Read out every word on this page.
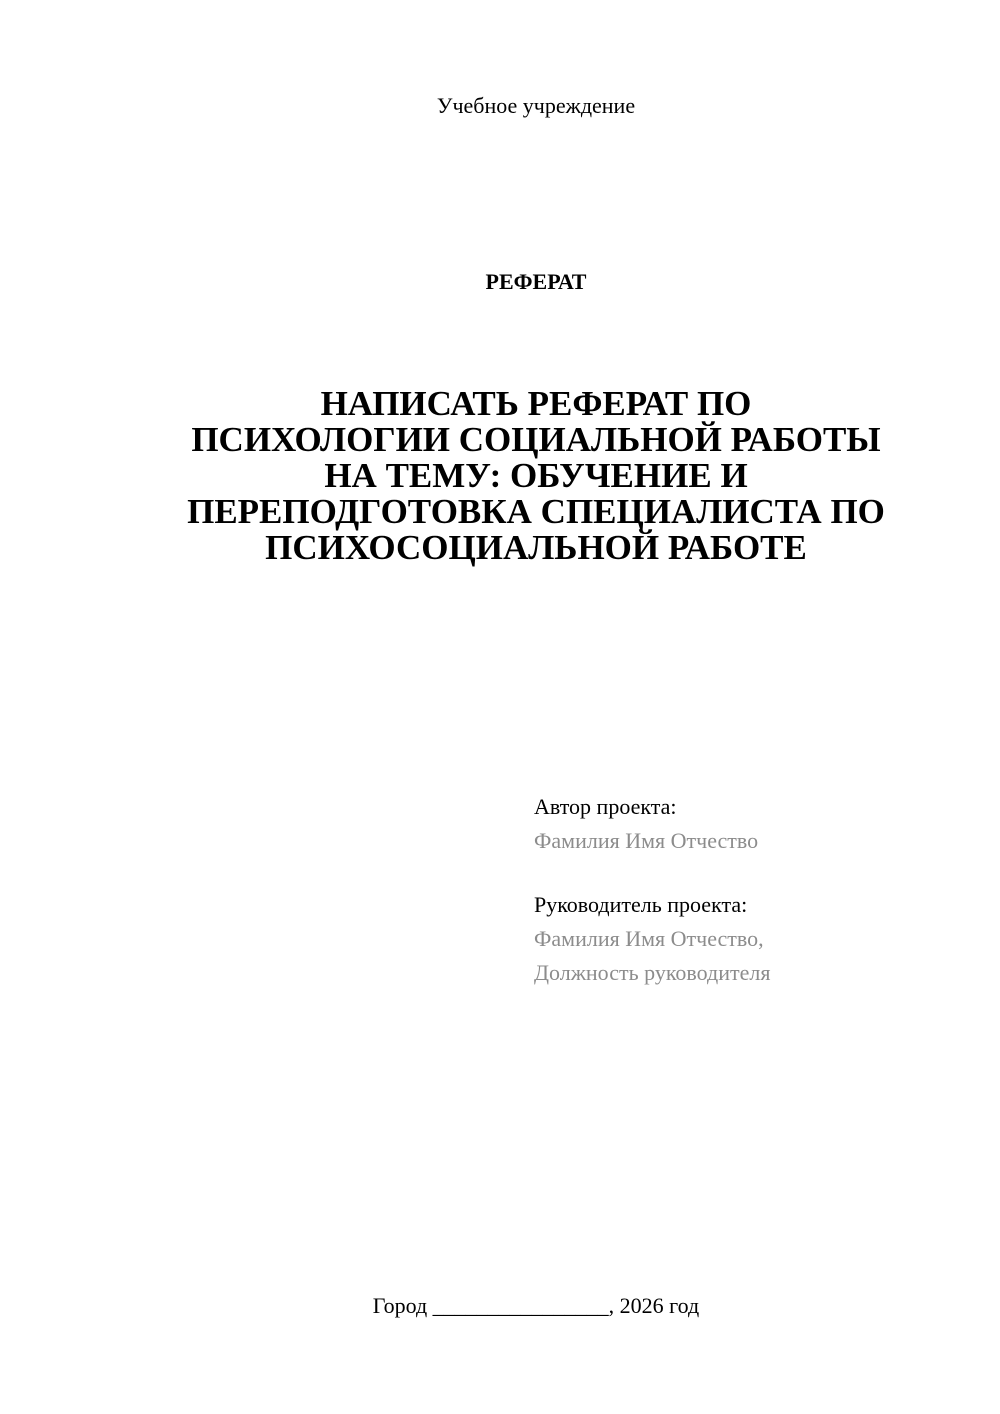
Учебное учреждение
РЕФЕРАТ
НАПИСАТЬ РЕФЕРАТ ПО
ПСИХОЛОГИИ СОЦИАЛЬНОЙ РАБОТЫ
НА ТЕМУ: ОБУЧЕНИЕ И
ПЕРЕПОДГОТОВКА СПЕЦИАЛИСТА ПО
ПСИХОСОЦИАЛЬНОЙ РАБОТЕ
Автор проекта:
Фамилия Имя Отчество
Руководитель проекта:
Фамилия Имя Отчество,
Должность руководителя
Город ________________, 2026 год
